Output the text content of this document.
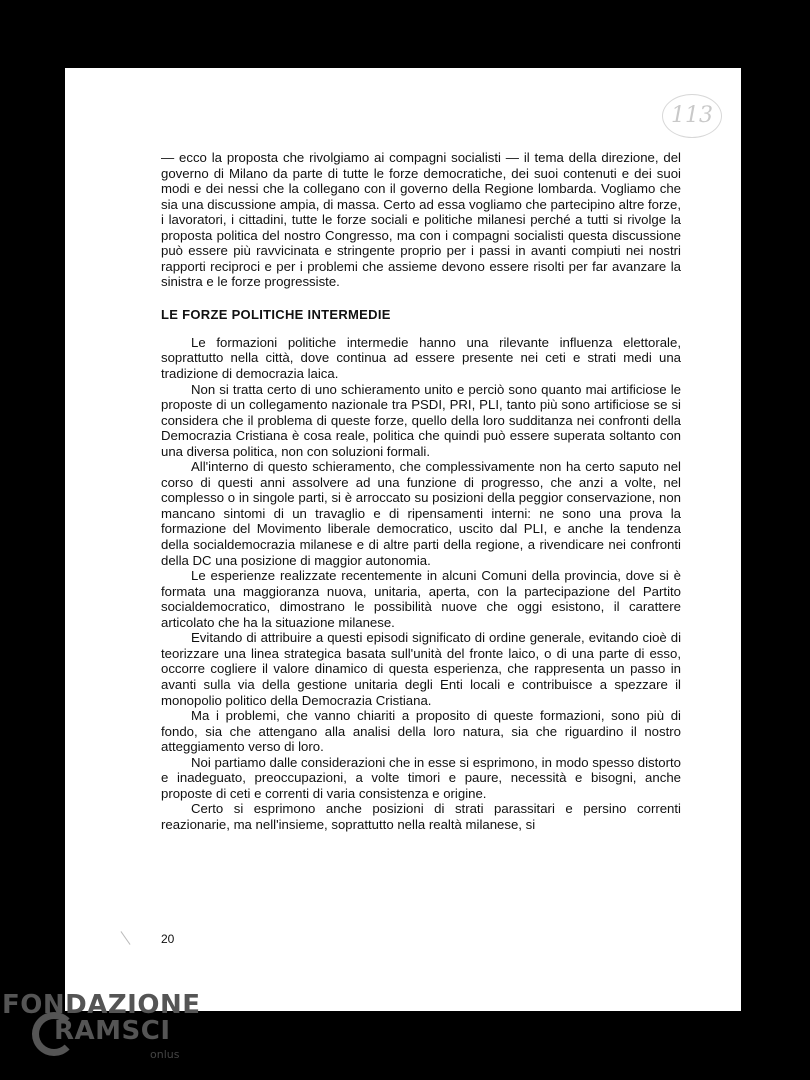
113

— ecco la proposta che rivolgiamo ai compagni socialisti — il tema della direzione, del governo di Milano da parte di tutte le forze democratiche, dei suoi contenuti e dei suoi modi e dei nessi che la collegano con il governo della Regione lombarda. Vogliamo che sia una discussione ampia, di massa. Certo ad essa vogliamo che partecipino altre forze, i lavoratori, i cittadini, tutte le forze sociali e politiche milanesi perché a tutti si rivolge la proposta politica del nostro Congresso, ma con i compagni socialisti questa discussione può essere più ravvicinata e stringente proprio per i passi in avanti compiuti nei nostri rapporti reciproci e per i problemi che assieme devono essere risolti per far avanzare la sinistra e le forze progressiste.

LE FORZE POLITICHE INTERMEDIE

Le formazioni politiche intermedie hanno una rilevante influenza elettorale, soprattutto nella città, dove continua ad essere presente nei ceti e strati medi una tradizione di democrazia laica.

Non si tratta certo di uno schieramento unito e perciò sono quanto mai artificiose le proposte di un collegamento nazionale tra PSDI, PRI, PLI, tanto più sono artificiose se si considera che il problema di queste forze, quello della loro sudditanza nei confronti della Democrazia Cristiana è cosa reale, politica che quindi può essere superata soltanto con una diversa politica, non con soluzioni formali.

All'interno di questo schieramento, che complessivamente non ha certo saputo nel corso di questi anni assolvere ad una funzione di progresso, che anzi a volte, nel complesso o in singole parti, si è arroccato su posizioni della peggior conservazione, non mancano sintomi di un travaglio e di ripensamenti interni: ne sono una prova la formazione del Movimento liberale democratico, uscito dal PLI, e anche la tendenza della socialdemocrazia milanese e di altre parti della regione, a rivendicare nei confronti della DC una posizione di maggior autonomia.

Le esperienze realizzate recentemente in alcuni Comuni della provincia, dove si è formata una maggioranza nuova, unitaria, aperta, con la partecipazione del Partito socialdemocratico, dimostrano le possibilità nuove che oggi esistono, il carattere articolato che ha la situazione milanese.

Evitando di attribuire a questi episodi significato di ordine generale, evitando cioè di teorizzare una linea strategica basata sull'unità del fronte laico, o di una parte di esso, occorre cogliere il valore dinamico di questa esperienza, che rappresenta un passo in avanti sulla via della gestione unitaria degli Enti locali e contribuisce a spezzare il monopolio politico della Democrazia Cristiana.

Ma i problemi, che vanno chiariti a proposito di queste formazioni, sono più di fondo, sia che attengano alla analisi della loro natura, sia che riguardino il nostro atteggiamento verso di loro.

Noi partiamo dalle considerazioni che in esse si esprimono, in modo spesso distorto e inadeguato, preoccupazioni, a volte timori e paure, necessità e bisogni, anche proposte di ceti e correnti di varia consistenza e origine.

Certo si esprimono anche posizioni di strati parassitari e persino correnti reazionarie, ma nell'insieme, soprattutto nella realtà milanese, si

20
FONDAZIONE
RAMSCI
onlus
